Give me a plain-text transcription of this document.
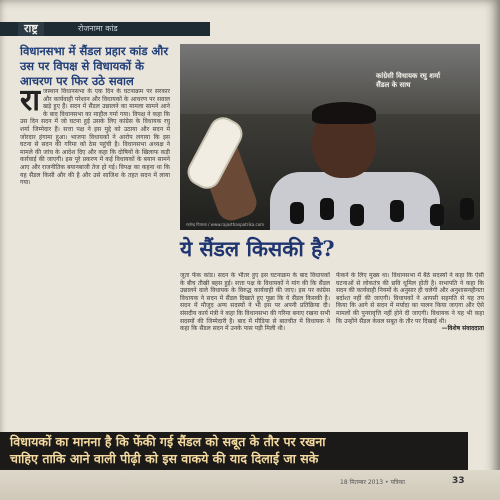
राष्ट्र	रोजनामा कांड
विधानसभा में सैंडल प्रहार कांड और उस पर विपक्ष से विधायकों के आचरण पर फिर उठे सवाल	कांग्रेसी विधायक रघु शर्मा सैंडल के साथ
राजेन्द्र पियरवा / www.rajasthanpatrika.com
ये सैंडल किसकी है?
रा जस्थान विधानसभा के एक दिन के घटनाक्रम पर सरकार और कार्यवाही परेशान और विधायकों के आचरण पर सवाल खड़े हुए हैं। सदन में सैंडल उछालने का मामला सामने आने के बाद विधानसभा का माहौल गर्मा गया। विपक्ष ने कहा कि उस दिन सदन में जो घटना हुई उसके लिए कांग्रेस के विधायक रघु शर्मा जिम्मेदार हैं। सत्ता पक्ष ने इस मुद्दे को उठाया और सदन में जोरदार हंगामा हुआ। भाजपा विधायकों ने आरोप लगाया कि इस घटना से सदन की गरिमा को ठेस पहुंची है। विधानसभा अध्यक्ष ने मामले की जांच के आदेश दिए और कहा कि दोषियों के खिलाफ कड़ी कार्रवाई की जाएगी। इस पूरे प्रकरण में कई विधायकों के बयान सामने आए और राजनीतिक बयानबाजी तेज हो गई। विपक्ष का कहना था कि यह सैंडल किसी और की है और उसे साजिश के तहत सदन में लाया गया।

जूता फेंक कांड। सदन के भीतर हुए इस घटनाक्रम के बाद विधायकों के बीच तीखी बहस हुई। सत्ता पक्ष के विधायकों ने मांग की कि सैंडल उछालने वाले विधायक के विरुद्ध कार्यवाही की जाए। इस पर कांग्रेस विधायक ने सदन में सैंडल दिखाते हुए पूछा कि ये सैंडल किसकी है। सदन में मौजूद अन्य सदस्यों ने भी इस पर अपनी प्रतिक्रिया दी। संसदीय कार्य मंत्री ने कहा कि विधानसभा की गरिमा बनाए रखना सभी सदस्यों की जिम्मेदारी है। बाद में मीडिया से बातचीत में विधायक ने कहा कि सैंडल सदन में उनके पास पड़ी मिली थी।

फेंकने के लिए मुख्य था। विधानसभा में बैठे सदस्यों ने कहा कि ऐसी घटनाओं से लोकतंत्र की छवि धूमिल होती है। सभापति ने कहा कि सदन की कार्यवाही नियमों के अनुसार ही चलेगी और अनुशासनहीनता बर्दाश्त नहीं की जाएगी। विधायकों ने आपसी सहमति से यह तय किया कि आगे से सदन में मर्यादा का पालन किया जाएगा और ऐसे मामलों की पुनरावृत्ति नहीं होने दी जाएगी। विधायक ने यह भी कहा कि उन्होंने सैंडल केवल सबूत के तौर पर दिखाई थी।

—विशेष संवाददाता

विधायकों का मानना है कि फेंकी गई सैंडल को सबूत के तौर पर रखना
चाहिए ताकि आने वाली पीढ़ी को इस वाकये की याद दिलाई जा सके
18 मितम्बर 2013 • पत्रिका	33
